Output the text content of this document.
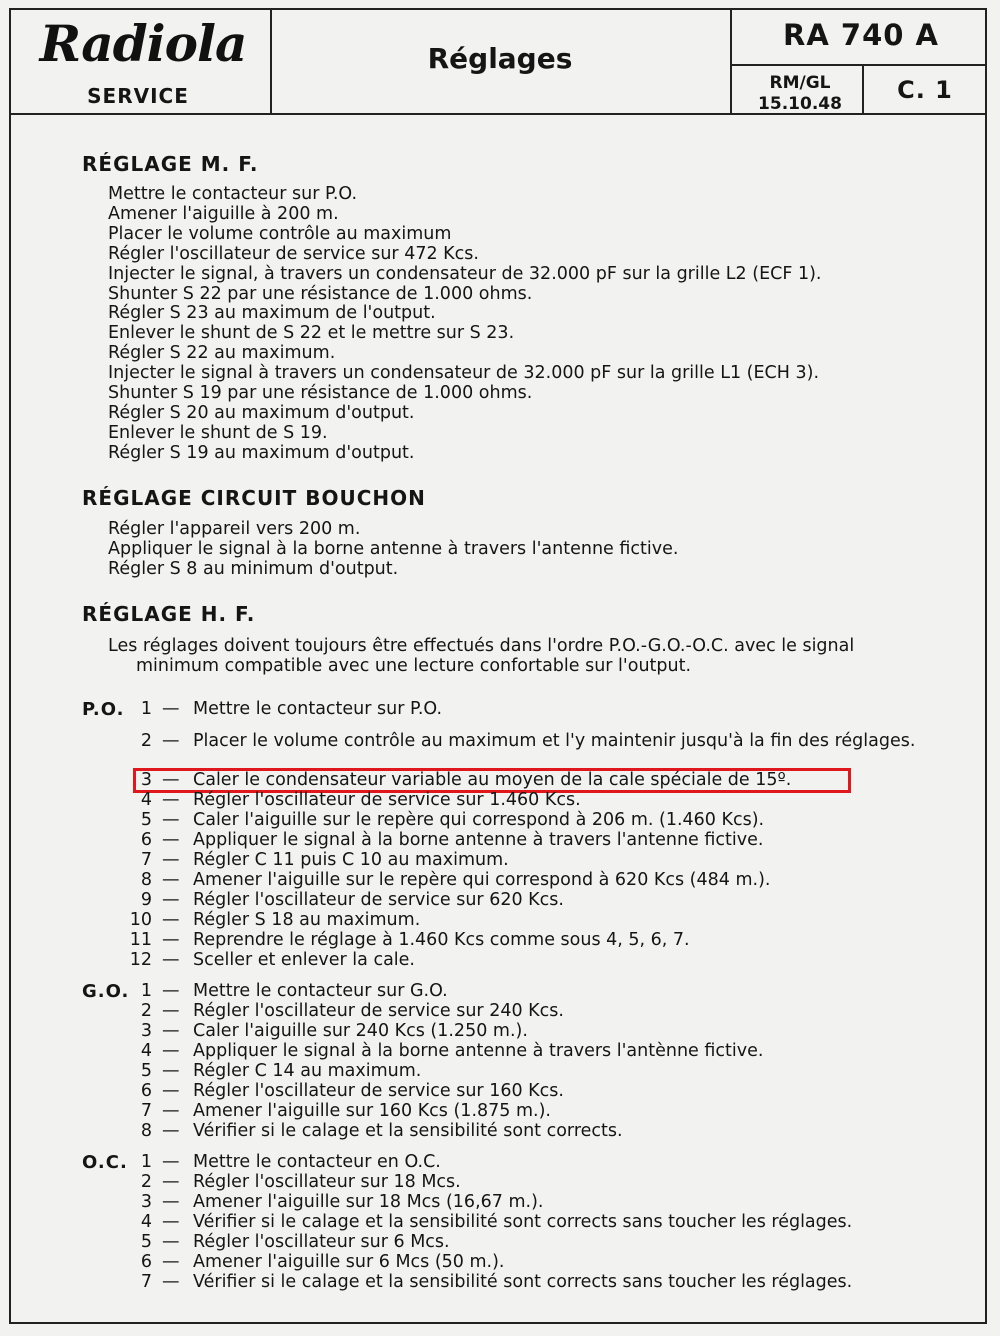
Radiola
SERVICE
Réglages
RA 740 A
RM/GL
15.10.48	C. 1
RÉGLAGE M. F.
RÉGLAGE CIRCUIT BOUCHON
RÉGLAGE H. F.
Les réglages doivent toujours être effectués dans l'ordre P.O.-G.O.-O.C. avec le signal
minimum compatible avec une lecture confortable sur l'output.
P.O.
G.O.
O.C.
Mettre le contacteur sur P.O.
Amener l'aiguille à 200 m.
Placer le volume contrôle au maximum
Régler l'oscillateur de service sur 472 Kcs.
Injecter le signal, à travers un condensateur de 32.000 pF sur la grille L2 (ECF 1).
Shunter S 22 par une résistance de 1.000 ohms.
Régler S 23 au maximum de l'output.
Enlever le shunt de S 22 et le mettre sur S 23.
Régler S 22 au maximum.
Injecter le signal à travers un condensateur de 32.000 pF sur la grille L1 (ECH 3).
Shunter S 19 par une résistance de 1.000 ohms.
Régler S 20 au maximum d'output.
Enlever le shunt de S 19.
Régler S 19 au maximum d'output.
Régler l'appareil vers 200 m.
Appliquer le signal à la borne antenne à travers l'antenne fictive.
Régler S 8 au minimum d'output.
1 — Mettre le contacteur sur P.O.
2 — Placer le volume contrôle au maximum et l'y maintenir jusqu'à la fin des réglages.
3 — Caler le condensateur variable au moyen de la cale spéciale de 15º.
4 — Régler l'oscillateur de service sur 1.460 Kcs.
5 — Caler l'aiguille sur le repère qui correspond à 206 m. (1.460 Kcs).
6 — Appliquer le signal à la borne antenne à travers l'antenne fictive.
7 — Régler C 11 puis C 10 au maximum.
8 — Amener l'aiguille sur le repère qui correspond à 620 Kcs (484 m.).
9 — Régler l'oscillateur de service sur 620 Kcs.
10 — Régler S 18 au maximum.
11 — Reprendre le réglage à 1.460 Kcs comme sous 4, 5, 6, 7.
12 — Sceller et enlever la cale.
1 — Mettre le contacteur sur G.O.
2 — Régler l'oscillateur de service sur 240 Kcs.
3 — Caler l'aiguille sur 240 Kcs (1.250 m.).
4 — Appliquer le signal à la borne antenne à travers l'antènne fictive.
5 — Régler C 14 au maximum.
6 — Régler l'oscillateur de service sur 160 Kcs.
7 — Amener l'aiguille sur 160 Kcs (1.875 m.).
8 — Vérifier si le calage et la sensibilité sont corrects.
1 — Mettre le contacteur en O.C.
2 — Régler l'oscillateur sur 18 Mcs.
3 — Amener l'aiguille sur 18 Mcs (16,67 m.).
4 — Vérifier si le calage et la sensibilité sont corrects sans toucher les réglages.
5 — Régler l'oscillateur sur 6 Mcs.
6 — Amener l'aiguille sur 6 Mcs (50 m.).
7 — Vérifier si le calage et la sensibilité sont corrects sans toucher les réglages.
